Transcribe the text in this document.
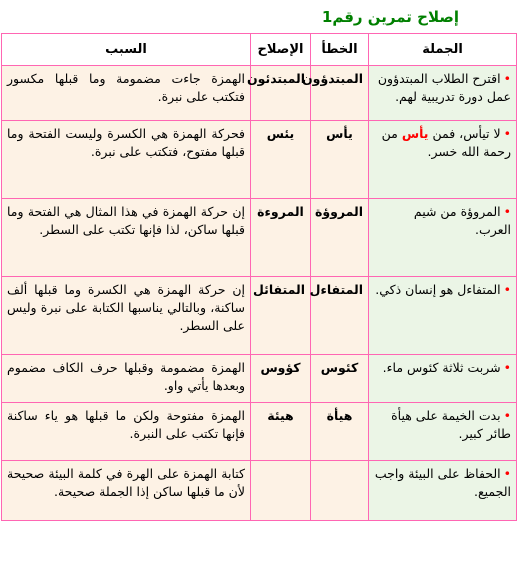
إصلاح تمرين رقم1
الجملة	الخطأ	الإصلاح	السبب
•اقترح الطلاب المبتدؤون عمل دورة تدريبية لهم.	المبتدؤون	المبتدئون	الهمزة جاءت مضمومة وما قبلها مكسور فتكتب على نبرة.
•لا تيأس، فمن يأس من رحمة الله خسر.	يأس	يئس	فحركة الهمزة هي الكسرة وليست الفتحة وما قبلها مفتوح، فتكتب على نبرة.
•المروؤة من شيم العرب.	المروؤة	المروءة	إن حركة الهمزة في هذا المثال هي الفتحة وما قبلها ساكن، لذا فإنها تكتب على السطر.
•المتفاءل هو إنسان ذكي.	المتفاءل	المتفائل	إن حركة الهمزة هي الكسرة وما قبلها ألف ساكنة، وبالتالي يناسبها الكتابة على نبرة وليس على السطر.
•شربت ثلاثة كئوس ماء.	كئوس	كؤوس	الهمزة مضمومة وقبلها حرف الكاف مضموم وبعدها يأتي واو.
•بدت الخيمة على هيأة طائر كبير.	هيأة	هيئة	الهمزة مفتوحة ولكن ما قبلها هو ياء ساكنة فإنها تكتب على النبرة.
•الحفاظ على البيئة واجب الجميع.			كتابة الهمزة على الهرة في كلمة البيئة صحيحة لأن ما قبلها ساكن إذا الجملة صحيحة.
